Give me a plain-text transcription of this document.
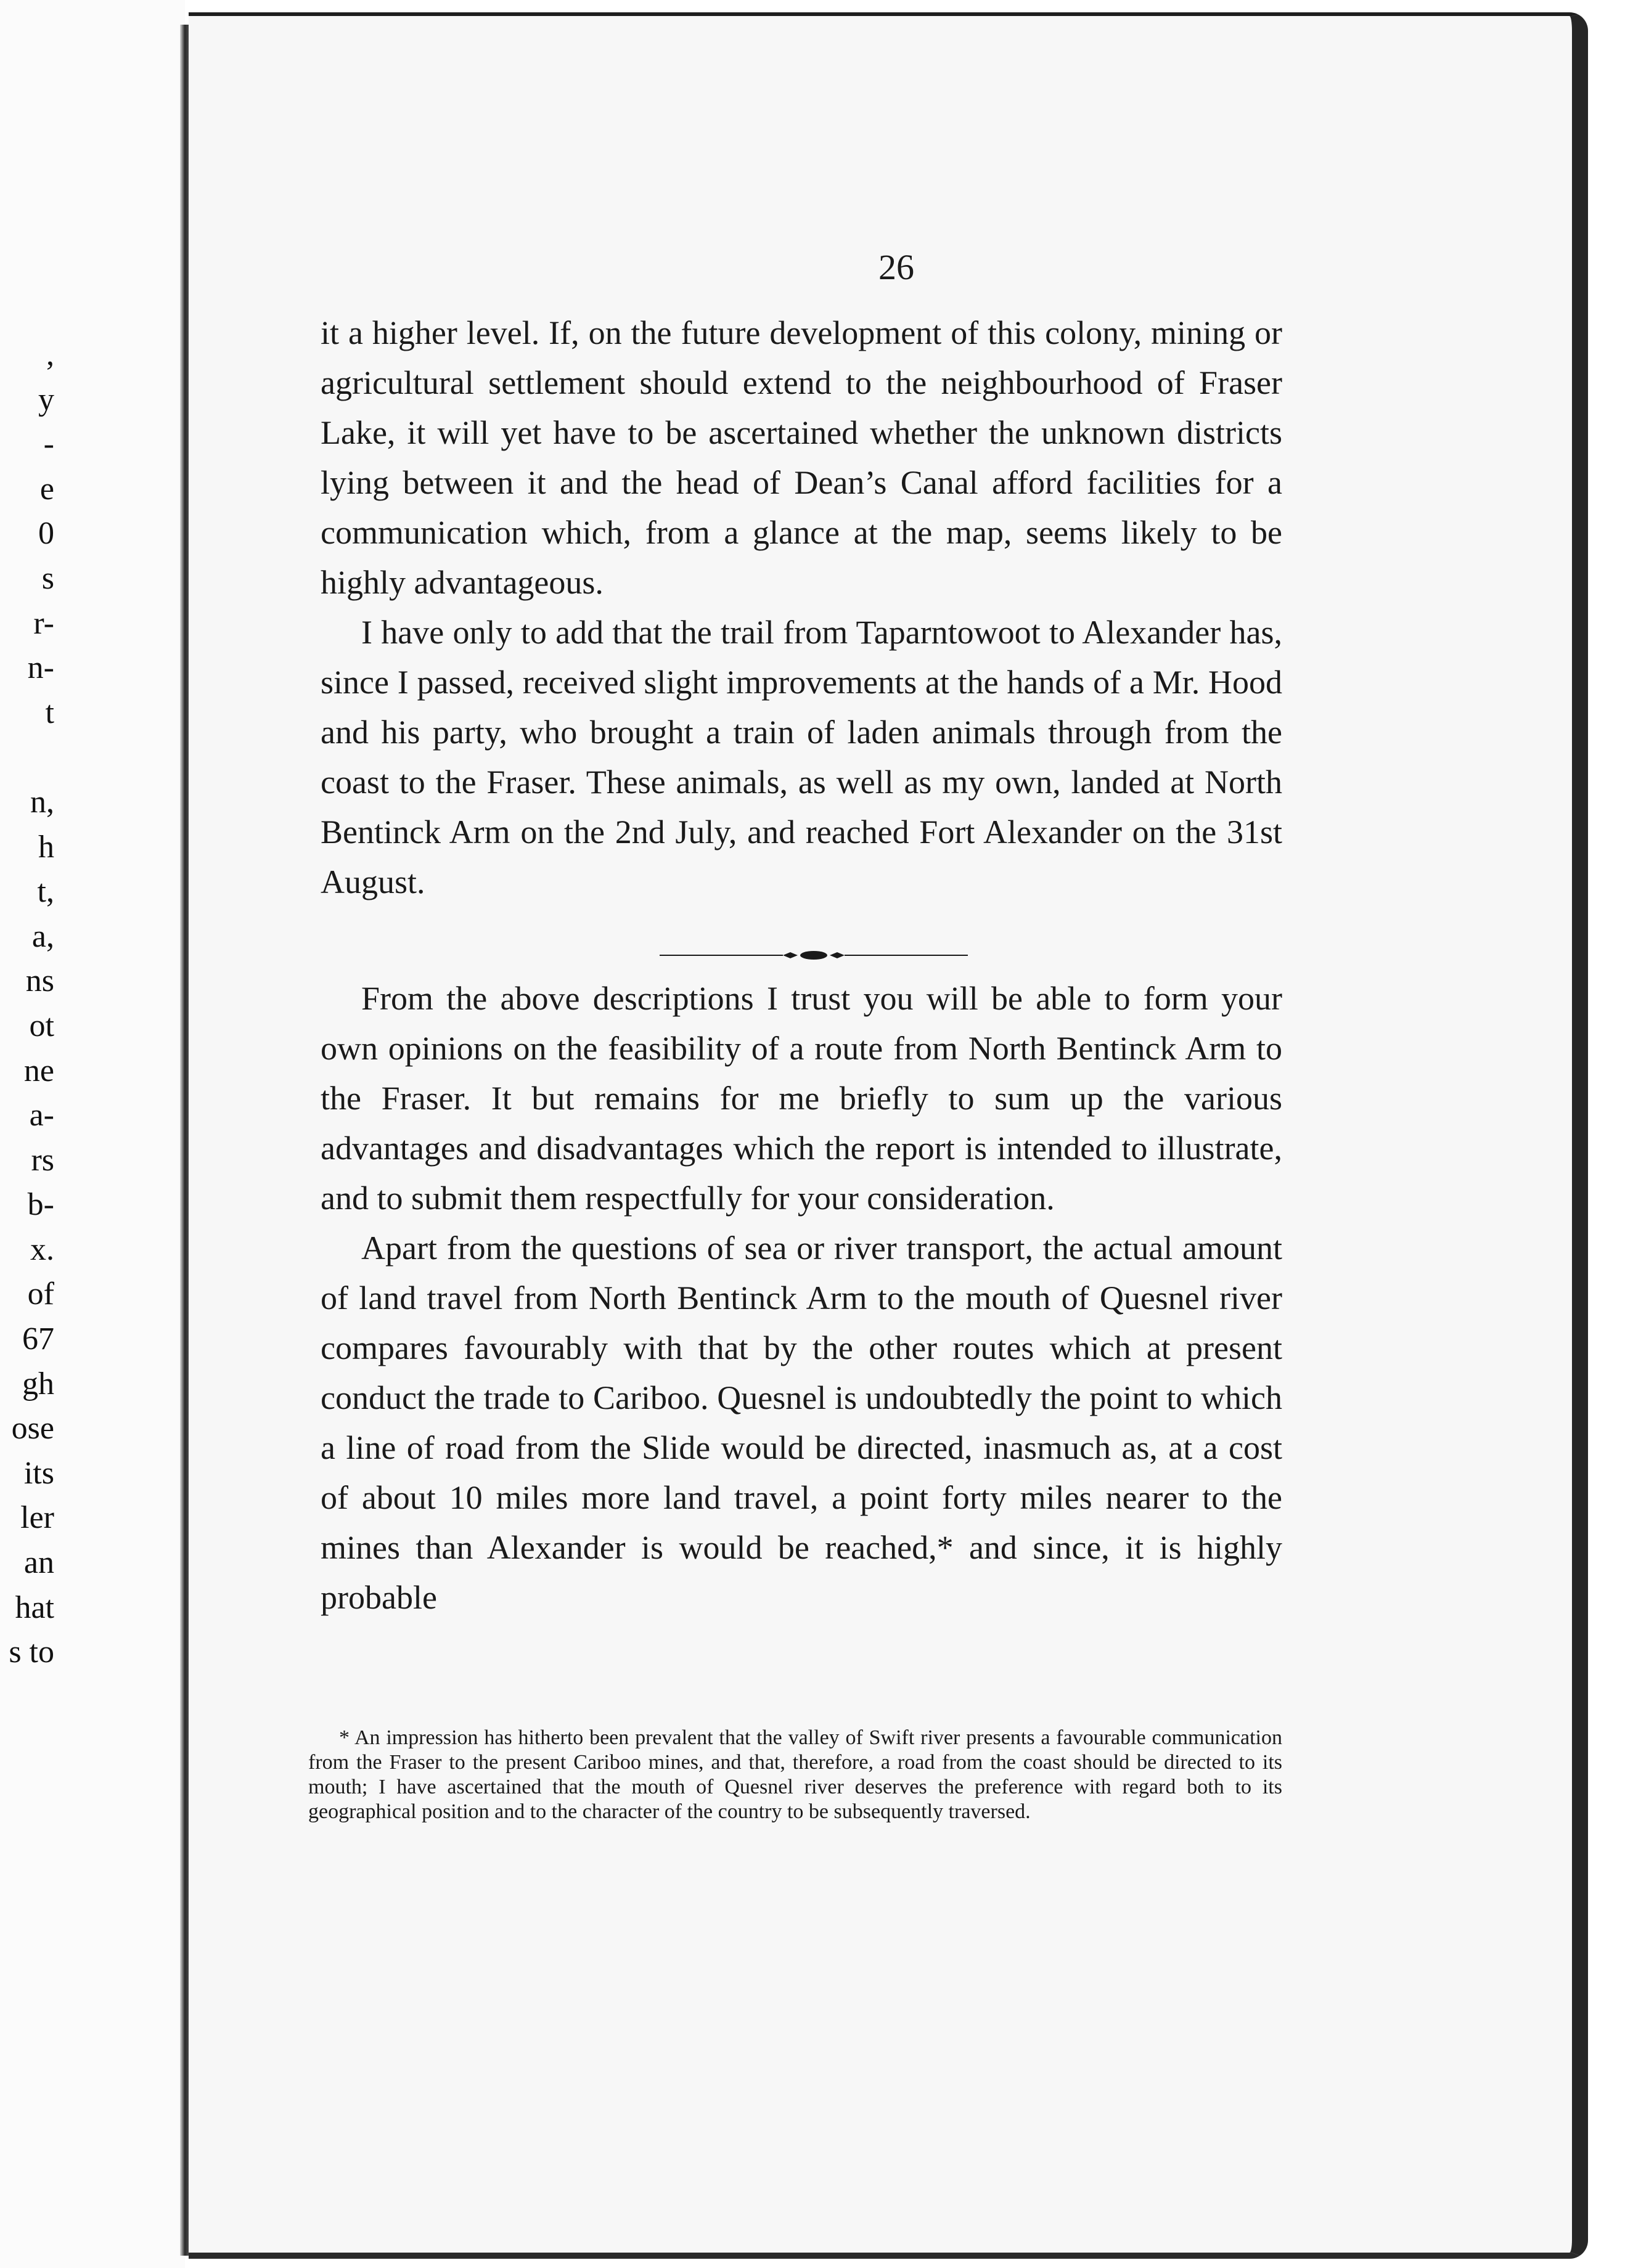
,
y
-
e
0
s
r-
n-
t
n,
h
t,
a,
ns
ot
ne
a-
rs
b-
x.
of
67
gh
ose
its
ler
an
hat
s to
26

it a higher level. If, on the future development of this colony, mining or agricultural settlement should extend to the neighbourhood of Fraser Lake, it will yet have to be ascertained whether the unknown districts lying between it and the head of Dean’s Canal afford facilities for a communication which, from a glance at the map, seems likely to be highly advantageous.

I have only to add that the trail from Taparntowoot to Alexander has, since I passed, received slight improvements at the hands of a Mr. Hood and his party, who brought a train of laden animals through from the coast to the Fraser. These animals, as well as my own, landed at North Bentinck Arm on the 2nd July, and reached Fort Alexander on the 31st August.

From the above descriptions I trust you will be able to form your own opinions on the feasibility of a route from North Bentinck Arm to the Fraser. It but remains for me briefly to sum up the various advantages and disadvantages which the report is intended to illustrate, and to submit them respectfully for your consideration.

Apart from the questions of sea or river transport, the actual amount of land travel from North Bentinck Arm to the mouth of Quesnel river compares favourably with that by the other routes which at present conduct the trade to Cariboo. Quesnel is undoubtedly the point to which a line of road from the Slide would be directed, inasmuch as, at a cost of about 10 miles more land travel, a point forty miles nearer to the mines than Alexander is would be reached,* and since, it is highly probable

* An impression has hitherto been prevalent that the valley of Swift river presents a favourable communication from the Fraser to the present Cariboo mines, and that, therefore, a road from the coast should be directed to its mouth; I have ascertained that the mouth of Quesnel river deserves the preference with regard both to its geographical position and to the character of the country to be subsequently traversed.
